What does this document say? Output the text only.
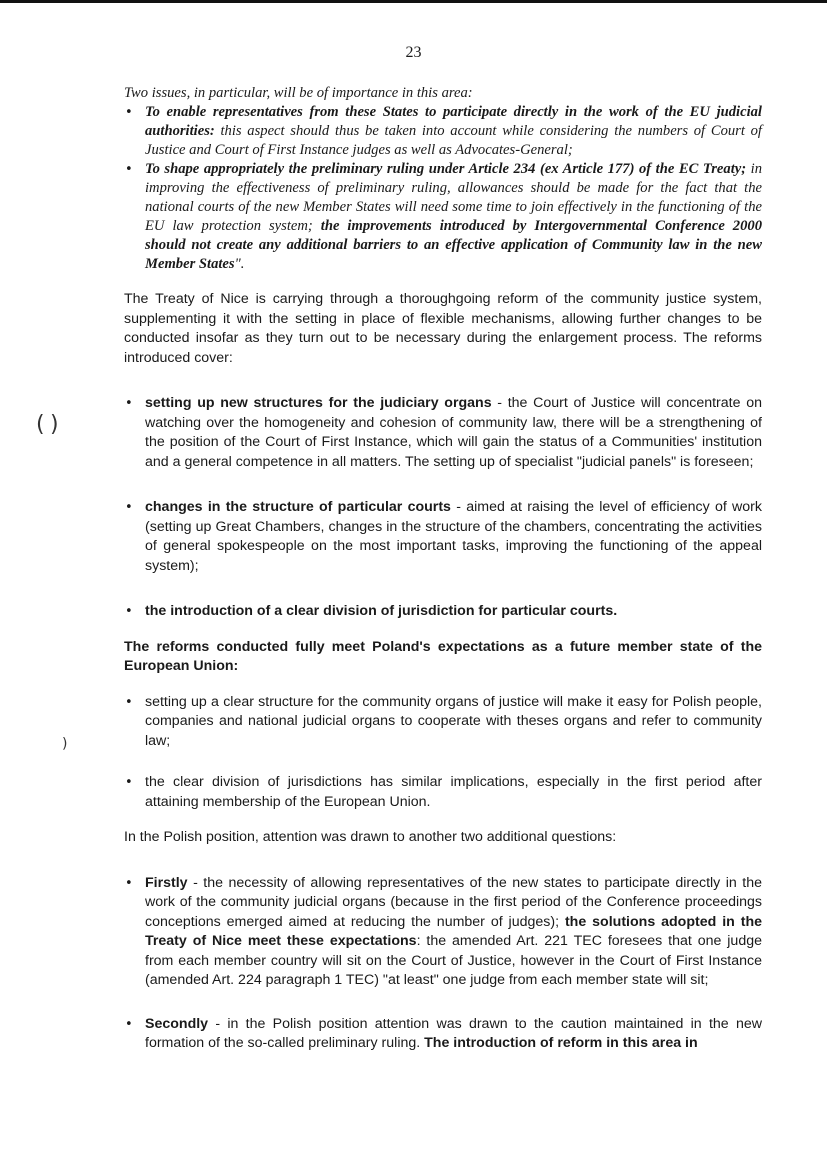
( )
)
23

Two issues, in particular, will be of importance in this area:

• To enable representatives from these States to participate directly in the work of the EU judicial authorities: this aspect should thus be taken into account while considering the numbers of Court of Justice and Court of First Instance judges as well as Advocates-General;
• To shape appropriately the preliminary ruling under Article 234 (ex Article 177) of the EC Treaty; in improving the effectiveness of preliminary ruling, allowances should be made for the fact that the national courts of the new Member States will need some time to join effectively in the functioning of the EU law protection system; the improvements introduced by Intergovernmental Conference 2000 should not create any additional barriers to an effective application of Community law in the new Member States".

The Treaty of Nice is carrying through a thoroughgoing reform of the community justice system, supplementing it with the setting in place of flexible mechanisms, allowing further changes to be conducted insofar as they turn out to be necessary during the enlargement process. The reforms introduced cover:

• setting up new structures for the judiciary organs - the Court of Justice will concentrate on watching over the homogeneity and cohesion of community law, there will be a strengthening of the position of the Court of First Instance, which will gain the status of a Communities' institution and a general competence in all matters. The setting up of specialist "judicial panels" is foreseen;
• changes in the structure of particular courts - aimed at raising the level of efficiency of work (setting up Great Chambers, changes in the structure of the chambers, concentrating the activities of general spokespeople on the most important tasks, improving the functioning of the appeal system);
• the introduction of a clear division of jurisdiction for particular courts.

The reforms conducted fully meet Poland's expectations as a future member state of the European Union:

• setting up a clear structure for the community organs of justice will make it easy for Polish people, companies and national judicial organs to cooperate with theses organs and refer to community law;
• the clear division of jurisdictions has similar implications, especially in the first period after attaining membership of the European Union.

In the Polish position, attention was drawn to another two additional questions:

• Firstly - the necessity of allowing representatives of the new states to participate directly in the work of the community judicial organs (because in the first period of the Conference proceedings conceptions emerged aimed at reducing the number of judges); the solutions adopted in the Treaty of Nice meet these expectations: the amended Art. 221 TEC foresees that one judge from each member country will sit on the Court of Justice, however in the Court of First Instance (amended Art. 224 paragraph 1 TEC) "at least" one judge from each member state will sit;
• Secondly - in the Polish position attention was drawn to the caution maintained in the new formation of the so-called preliminary ruling. The introduction of reform in this area in
